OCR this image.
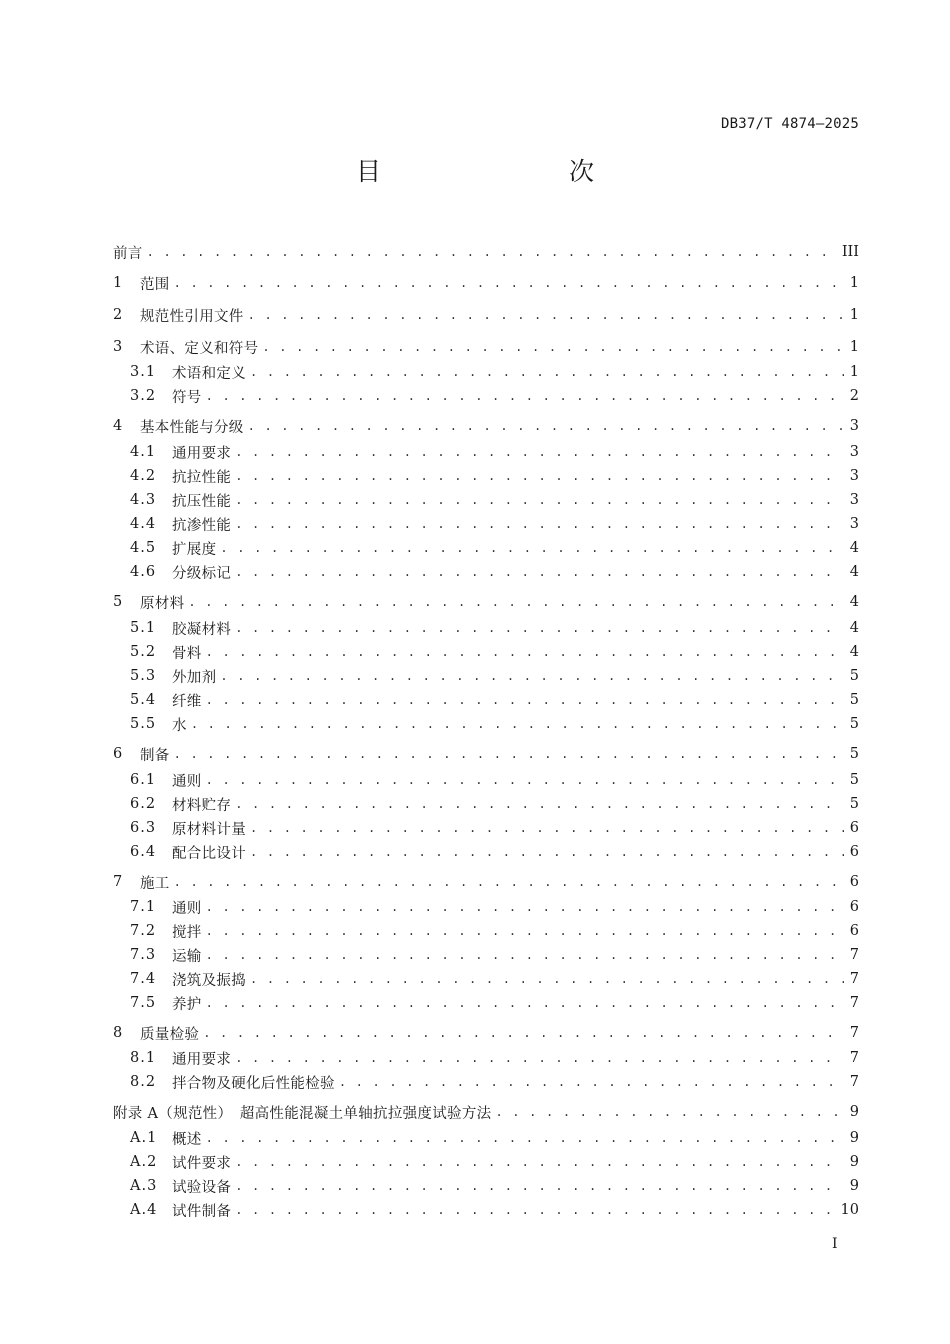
DB37/T 4874—2025
目　　次
前言 . . .	III
1	范围 . . .	1
2	规范性引用文件 . . .	1
3	术语、定义和符号 . . .	1
3.1	术语和定义 . . .	1
3.2	符号 . . .	2
4	基本性能与分级 . . .	3
4.1	通用要求 . . .	3
4.2	抗拉性能 . . .	3
4.3	抗压性能 . . .	3
4.4	抗渗性能 . . .	3
4.5	扩展度 . . .	4
4.6	分级标记 . . .	4
5	原材料 . . .	4
5.1	胶凝材料 . . .	4
5.2	骨料 . . .	4
5.3	外加剂 . . .	5
5.4	纤维 . . .	5
5.5	水 . . .	5
6	制备 . . .	5
6.1	通则 . . .	5
6.2	材料贮存 . . .	5
6.3	原材料计量 . . .	6
6.4	配合比设计 . . .	6
7	施工 . . .	6
7.1	通则 . . .	6
7.2	搅拌 . . .	6
7.3	运输 . . .	7
7.4	浇筑及振捣 . . .	7
7.5	养护 . . .	7
8	质量检验 . . .	7
8.1	通用要求 . . .	7
8.2	拌合物及硬化后性能检验 . . .	7
附录 A（规范性）　超高性能混凝土单轴抗拉强度试验方法 . . .	9
A.1	概述 . . .	9
A.2	试件要求 . . .	9
A.3	试验设备 . . .	9
A.4	试件制备 . . .	10
I
